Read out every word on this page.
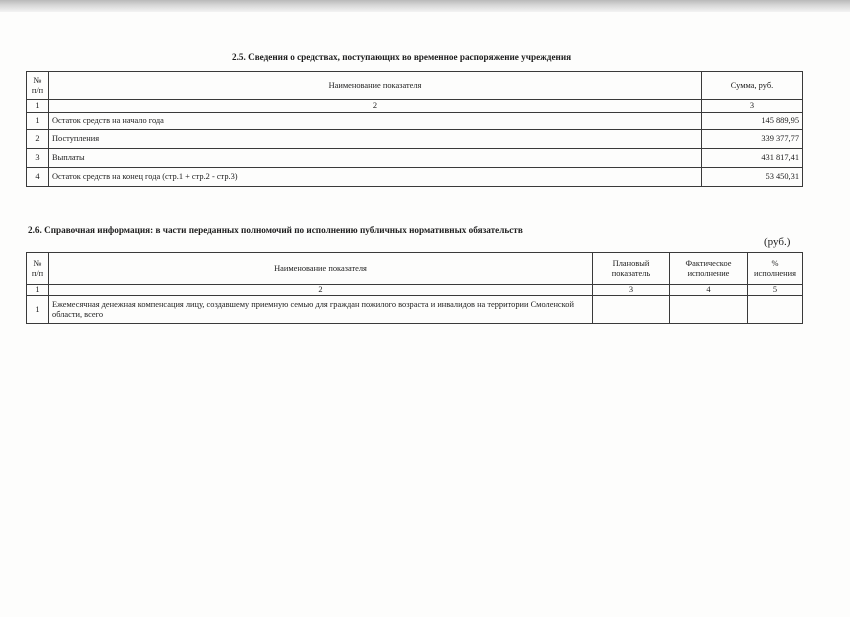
2.5. Сведения о средствах, поступающих во временное распоряжение учреждения
№ п/п	Наименование показателя	Сумма, руб.
1	2	3
1	Остаток средств на начало года	145 889,95
2	Поступления	339 377,77
3	Выплаты	431 817,41
4	Остаток средств на конец года (стр.1 + стр.2 - стр.3)	53 450,31
2.6. Справочная информация: в части переданных полномочий по исполнению публичных нормативных обязательств
(руб.)
№ п/п	Наименование показателя	Плановый показатель	Фактическое исполнение	% исполнения
1	2	3	4	5
1	Ежемесячная денежная компенсация лицу, создавшему приемную семью для граждан пожилого возраста и инвалидов на территории Смоленской области, всего			
